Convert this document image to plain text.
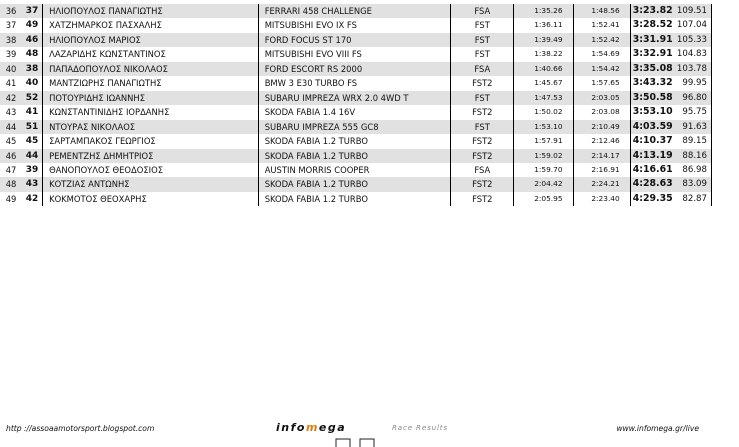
36	37	ΗΛΙΟΠΟΥΛΟΣ ΠΑΝΑΓΙΩΤΗΣ	FERRARI 458 CHALLENGE	FSA	1:35.26	1:48.56	3:23.82	109.51
37	49	ΧΑΤΖΗΜΑΡΚΟΣ ΠΑΣΧΑΛΗΣ	MITSUBISHI EVO IX FS	FST	1:36.11	1:52.41	3:28.52	107.04
38	46	ΗΛΙΟΠΟΥΛΟΣ ΜΑΡΙΟΣ	FORD FOCUS ST 170	FST	1:39.49	1:52.42	3:31.91	105.33
39	48	ΛΑΖΑΡΙΔΗΣ ΚΩΝΣΤΑΝΤΙΝΟΣ	MITSUBISHI EVO VIII FS	FST	1:38.22	1:54.69	3:32.91	104.83
40	38	ΠΑΠΑΔΟΠΟΥΛΟΣ ΝΙΚΟΛΑΟΣ	FORD ESCORT RS 2000	FSA	1:40.66	1:54.42	3:35.08	103.78
41	40	ΜΑΝΤΖΙΩΡΗΣ ΠΑΝΑΓΙΩΤΗΣ	BMW 3 E30 TURBO FS	FST2	1:45.67	1:57.65	3:43.32	99.95
42	52	ΠΟΤΟΥΡΙΔΗΣ ΙΩΑΝΝΗΣ	SUBARU IMPREZA WRX 2.0 4WD T	FST	1:47.53	2:03.05	3:50.58	96.80
43	41	ΚΩΝΣΤΑΝΤΙΝΙΔΗΣ ΙΟΡΔΑΝΗΣ	SKODA FABIA 1.4 16V	FST2	1:50.02	2:03.08	3:53.10	95.75
44	51	ΝΤΟΥΡΑΣ ΝΙΚΟΛΑΟΣ	SUBARU IMPREZA 555 GC8	FST	1:53.10	2:10.49	4:03.59	91.63
45	45	ΣΑΡΤΑΜΠΑΚΟΣ ΓΕΩΡΓΙΟΣ	SKODA FABIA 1.2 TURBO	FST2	1:57.91	2:12.46	4:10.37	89.15
46	44	ΡΕΜΕΝΤΖΗΣ ΔΗΜΗΤΡΙΟΣ	SKODA FABIA 1.2 TURBO	FST2	1:59.02	2:14.17	4:13.19	88.16
47	39	ΘΑΝΟΠΟΥΛΟΣ ΘΕΟΔΟΣΙΟΣ	AUSTIN MORRIS COOPER	FSA	1:59.70	2:16.91	4:16.61	86.98
48	43	ΚΟΤΖΙΑΣ ΑΝΤΩΝΗΣ	SKODA FABIA 1.2 TURBO	FST2	2:04.42	2:24.21	4:28.63	83.09
49	42	ΚΟΚΜΟΤΟΣ ΘΕΟΧΑΡΗΣ	SKODA FABIA 1.2 TURBO	FST2	2:05.95	2:23.40	4:29.35	82.87
http ://assoaamotorsport.blogspot.com	infomega	Race Results	www.infomega.gr/live
